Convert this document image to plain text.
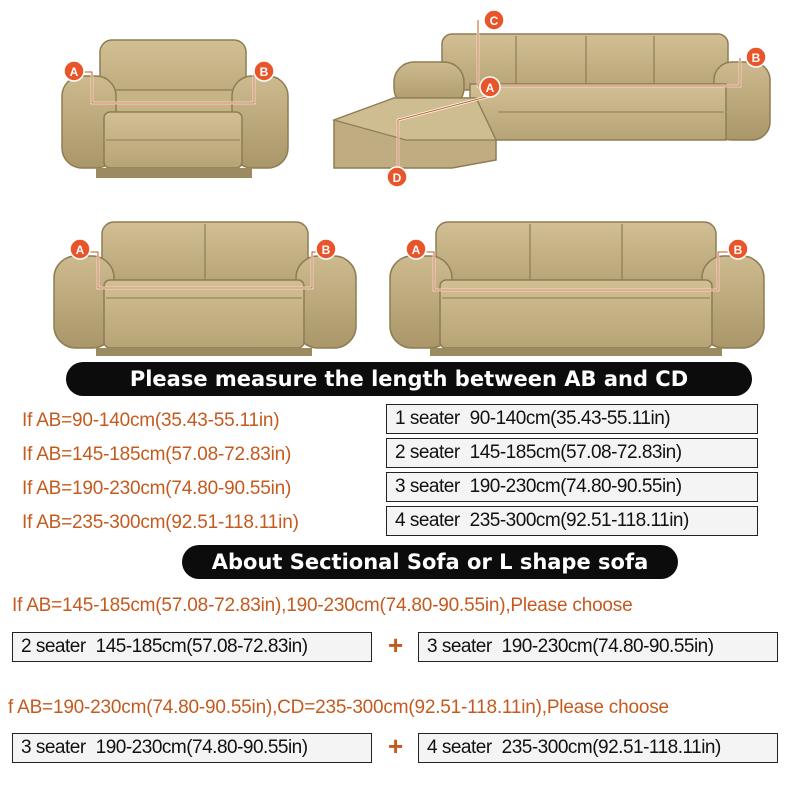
A	B
C
A
B
D
A	B	A	B
Please measure the length between AB and CD
If AB=90-140cm(35.43-55.11in)	1 seater 90-140cm(35.43-55.11in)
If AB=145-185cm(57.08-72.83in)	2 seater 145-185cm(57.08-72.83in)
If AB=190-230cm(74.80-90.55in)	3 seater 190-230cm(74.80-90.55in)
If AB=235-300cm(92.51-118.11in)	4 seater 235-300cm(92.51-118.11in)
About Sectional Sofa or L shape sofa
If AB=145-185cm(57.08-72.83in),190-230cm(74.80-90.55in),Please choose
2 seater 145-185cm(57.08-72.83in)	+ 3 seater 190-230cm(74.80-90.55in)
f AB=190-230cm(74.80-90.55in),CD=235-300cm(92.51-118.11in),Please choose
3 seater 190-230cm(74.80-90.55in)	+ 4 seater 235-300cm(92.51-118.11in)
